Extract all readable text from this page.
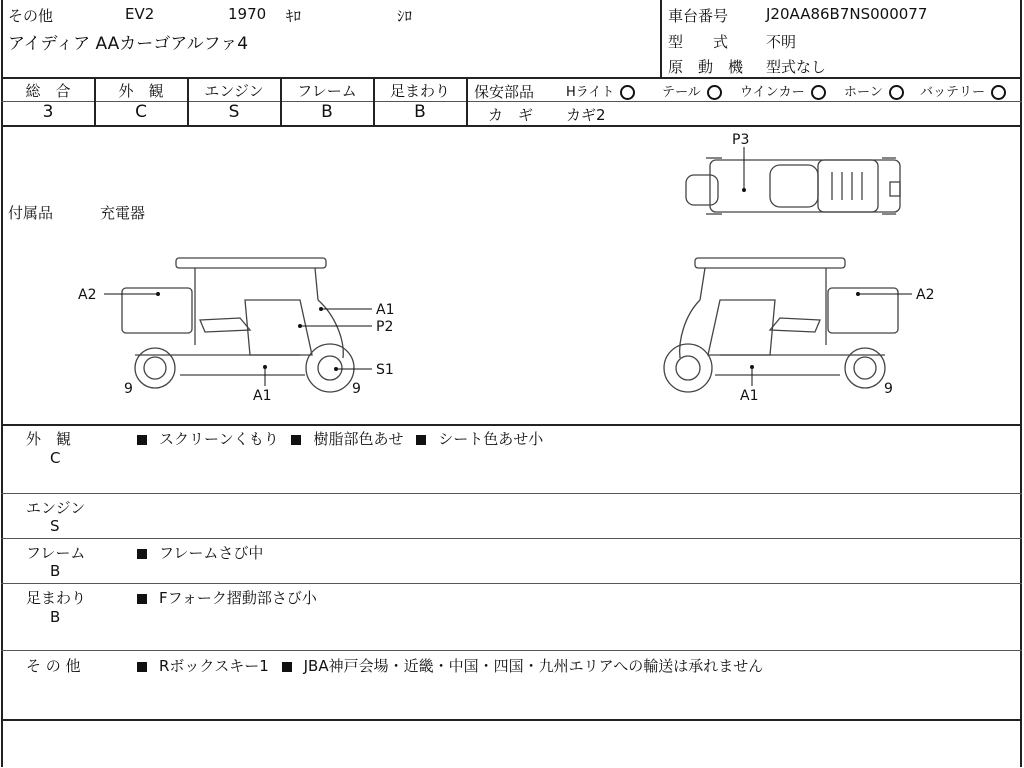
その他	EV2	1970 ｷﾛ	ｼﾛ
アイディア AAカーゴアルファ4
車台番号	J20AA86B7NS000077
型　　式	不明
原　動　機 型式なし
総　合	外　観	エンジン	フレーム	足まわり
3	C	S	B	B
保安部品 Hライト	テール	ウインカー	ホーン	バッテリー
カ　ギ カギ2
付属品	充電器
P3
A2
A1
P2
S1
9	9
A1
A2
A1	9
外　観
C
スクリーンくもり 樹脂部色あせ シート色あせ小
エンジン
S
フレーム
B
フレームさび中
足まわり
B
Fフォーク摺動部さび小
そ の 他	Rボックスキー1 JBA神戸会場・近畿・中国・四国・九州エリアへの輸送は承れません
